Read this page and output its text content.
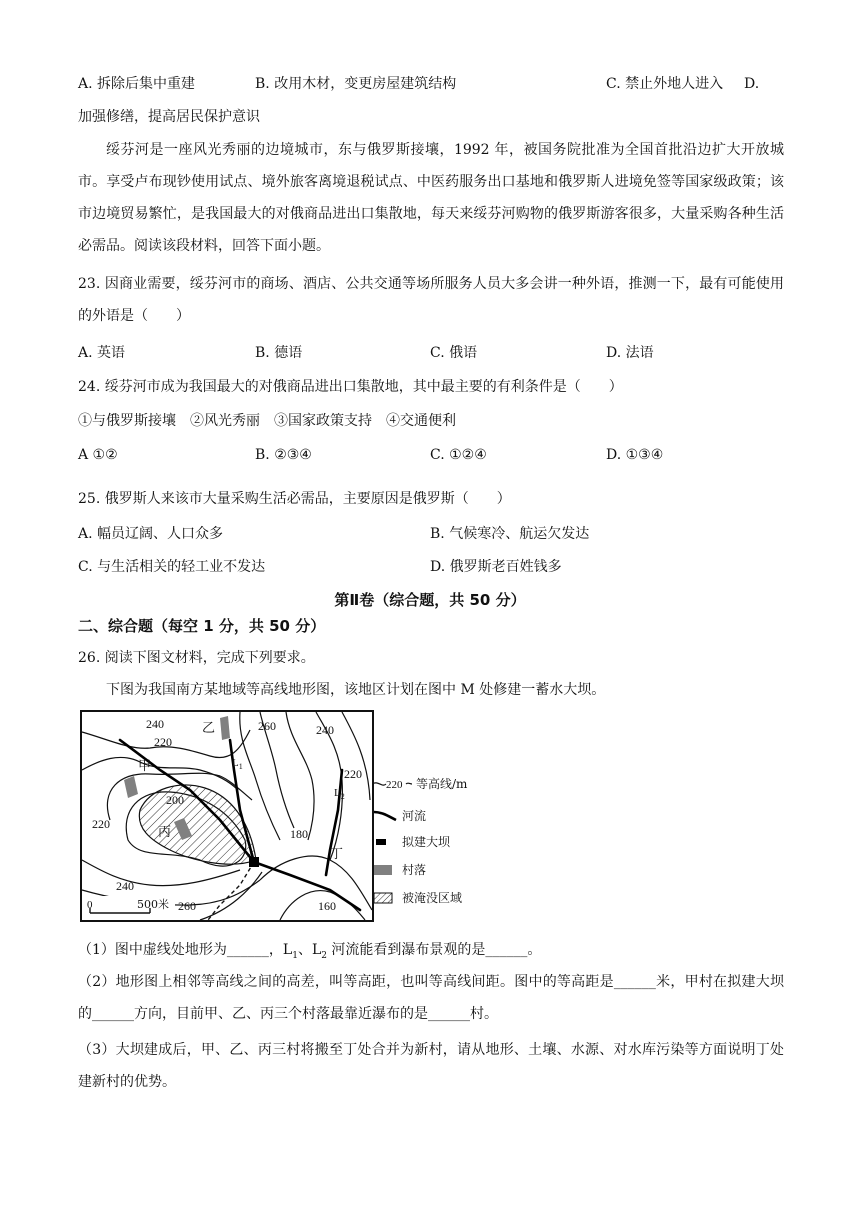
A. 拆除后集中重建	B. 改用木材，变更房屋建筑结构	C. 禁止外地人进入 D.
加强修缮，提高居民保护意识
绥芬河是一座风光秀丽的边境城市，东与俄罗斯接壤，1992 年，被国务院批准为全国首批沿边扩大开放城市。享受卢布现钞使用试点、境外旅客离境退税试点、中医药服务出口基地和俄罗斯人进境免签等国家级政策；该市边境贸易繁忙，是我国最大的对俄商品进出口集散地，每天来绥芬河购物的俄罗斯游客很多，大量采购各种生活必需品。阅读该段材料，回答下面小题。
23. 因商业需要，绥芬河市的商场、酒店、公共交通等场所服务人员大多会讲一种外语，推测一下，最有可能使用的外语是（　　）
A. 英语	B. 德语	C. 俄语	D. 法语
24. 绥芬河市成为我国最大的对俄商品进出口集散地，其中最主要的有利条件是（　　）
①与俄罗斯接壤　②风光秀丽　③国家政策支持　④交通便利
A ①②	B. ②③④	C. ①②④	D. ①③④
25. 俄罗斯人来该市大量采购生活必需品，主要原因是俄罗斯（　　）
A. 幅员辽阔、人口众多	B. 气候寒冷、航运欠发达
C. 与生活相关的轻工业不发达	D. 俄罗斯老百姓钱多
第Ⅱ卷（综合题，共 50 分）
二、综合题（每空 1 分，共 50 分）
26. 阅读下图文材料，完成下列要求。
下图为我国南方某地域等高线地形图，该地区计划在图中 M 处修建一蓄水大坝。
240	260	240
220
200
220
220
180
240
260	160
甲
乙
丙
丁
$L_1$
$L_2$
0	500米
220 等高线/m
河流
拟建大坝
村落
被淹没区域
（1）图中虚线处地形为______，$L_1$、$L_2$ 河流能看到瀑布景观的是______。
（2）地形图上相邻等高线之间的高差，叫等高距，也叫等高线间距。图中的等高距是______米，甲村在拟建大坝的______方向，目前甲、乙、丙三个村落最靠近瀑布的是______村。
（3）大坝建成后，甲、乙、丙三村将搬至丁处合并为新村，请从地形、土壤、水源、对水库污染等方面说明丁处建新村的优势。
